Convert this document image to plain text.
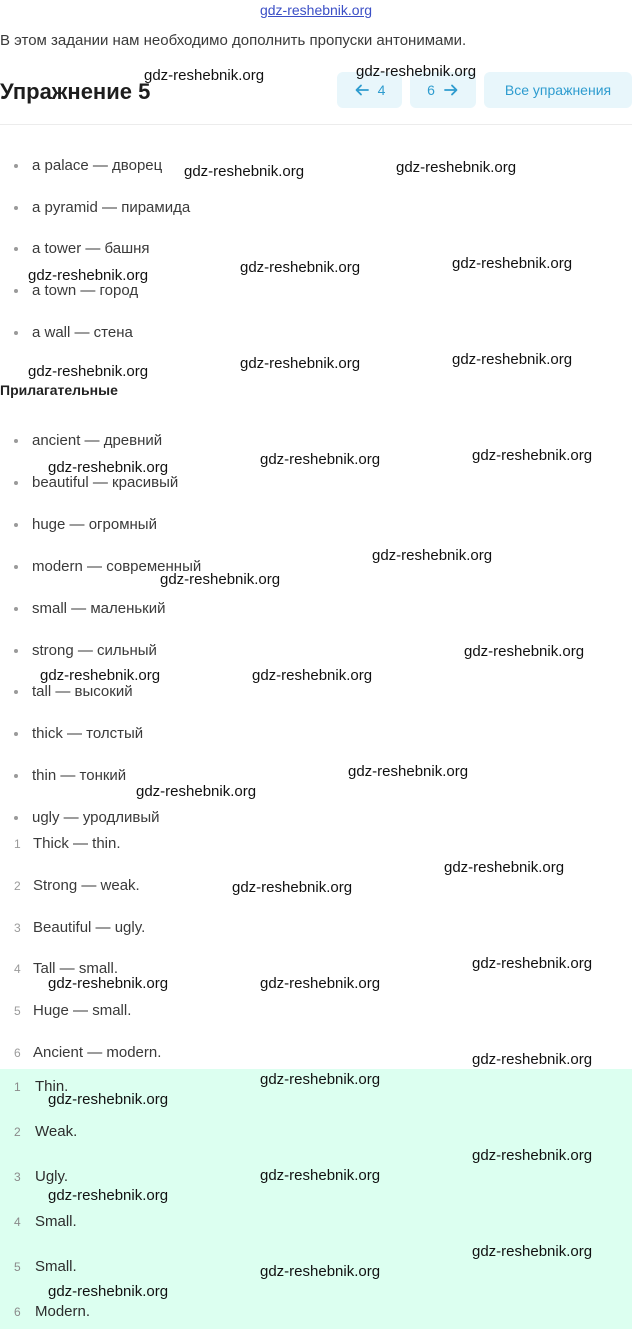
gdz-reshebnik.org
В этом задании нам необходимо дополнить пропуски антонимами.
Упражнение 5	4	6	Все упражнения
a palace — дворец
a pyramid — пирамида
a tower — башня
a town — город
a wall — стена
Прилагательные
ancient — древний
beautiful — красивый
huge — огромный
modern — современный
small — маленький
strong — сильный
tall — высокий
thick — толстый
thin — тонкий
ugly — уродливый
1 Thick — thin.
2 Strong — weak.
3 Beautiful — ugly.
4 Tall — small.
5 Huge — small.
6 Ancient — modern.
1 Thin.
2 Weak.
3 Ugly.
4 Small.
5 Small.
6 Modern.
gdz-reshebnik.org	gdz-reshebnik.org
gdz-reshebnik.org	gdz-reshebnik.org
gdz-reshebnik.org	gdz-reshebnik.org	gdz-reshebnik.org
gdz-reshebnik.org	gdz-reshebnik.org	gdz-reshebnik.org
gdz-reshebnik.org	gdz-reshebnik.org	gdz-reshebnik.org
gdz-reshebnik.org
gdz-reshebnik.org
gdz-reshebnik.org
gdz-reshebnik.org	gdz-reshebnik.org
gdz-reshebnik.org
gdz-reshebnik.org
gdz-reshebnik.org
gdz-reshebnik.org
gdz-reshebnik.org
gdz-reshebnik.org	gdz-reshebnik.org
gdz-reshebnik.org
gdz-reshebnik.org
gdz-reshebnik.org
gdz-reshebnik.org
gdz-reshebnik.org
gdz-reshebnik.org
gdz-reshebnik.org
gdz-reshebnik.org
gdz-reshebnik.org
